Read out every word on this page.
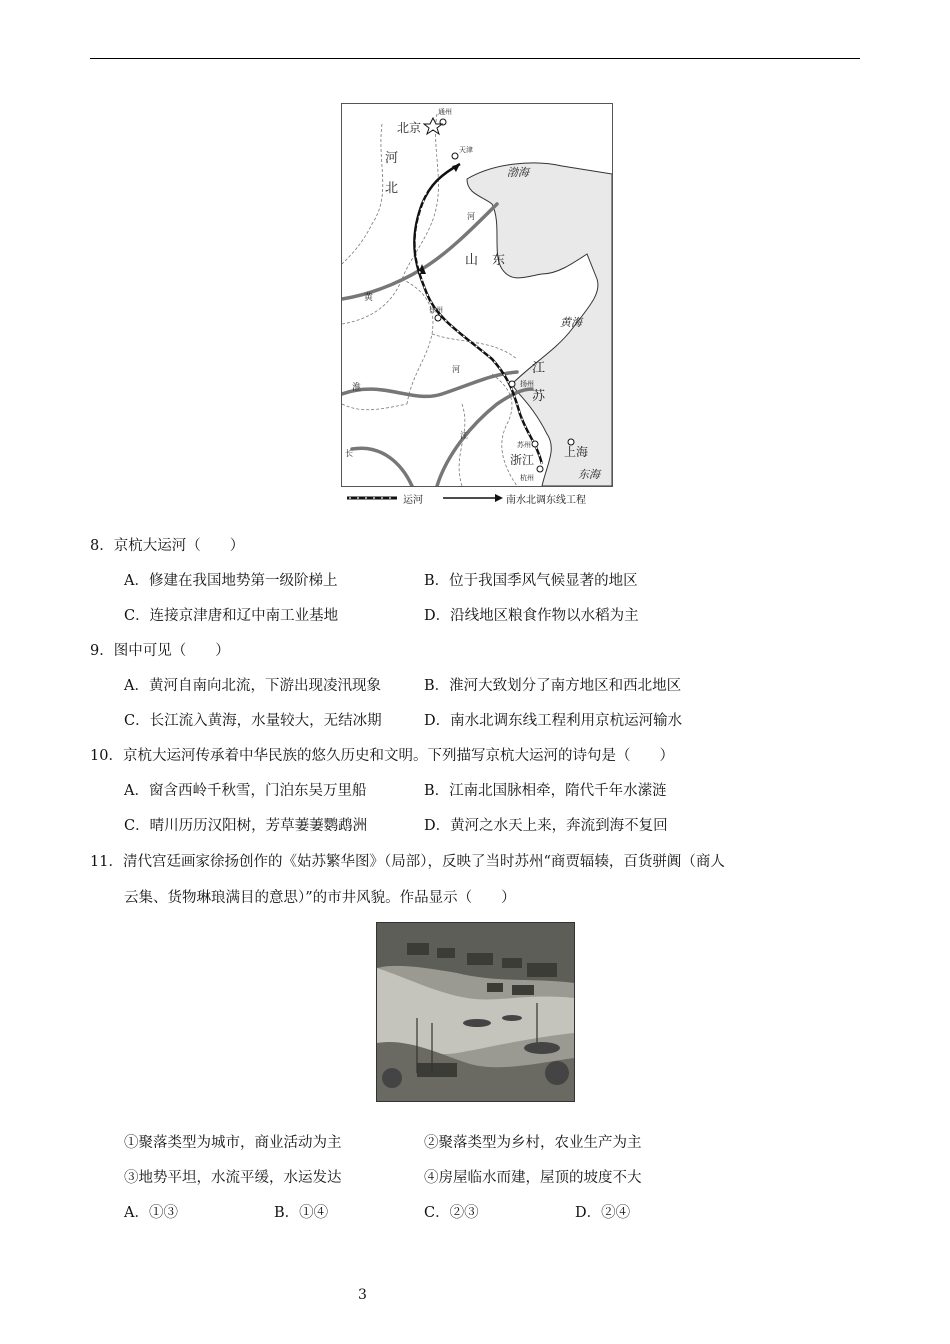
北京
通州
天津
渤海
河
北
山 东
河
黄
徐州
扬州
江
苏
黄海
河
淮
江
苏州	上海
浙江
杭州	东海
长
运河	南水北调东线工程
8．京杭大运河（　　）
A．修建在我国地势第一级阶梯上	B．位于我国季风气候显著的地区
C．连接京津唐和辽中南工业基地	D．沿线地区粮食作物以水稻为主
9．图中可见（　　）
A．黄河自南向北流，下游出现凌汛现象	B．淮河大致划分了南方地区和西北地区
C．长江流入黄海，水量较大，无结冰期	D．南水北调东线工程利用京杭运河输水
10．京杭大运河传承着中华民族的悠久历史和文明。下列描写京杭大运河的诗句是（　　）
A．窗含西岭千秋雪，门泊东吴万里船	B．江南北国脉相牵，隋代千年水潆涟
C．晴川历历汉阳树，芳草萋萋鹦鹉洲	D．黄河之水天上来，奔流到海不复回
11．清代宫廷画家徐扬创作的《姑苏繁华图》（局部），反映了当时苏州“商贾辐辏，百货骈阗（商人
云集、货物琳琅满目的意思）”的市井风貌。作品显示（　　）
①聚落类型为城市，商业活动为主	②聚落类型为乡村，农业生产为主
③地势平坦，水流平缓，水运发达	④房屋临水而建，屋顶的坡度不大
A．①③	B．①④	C．②③	D．②④
3
